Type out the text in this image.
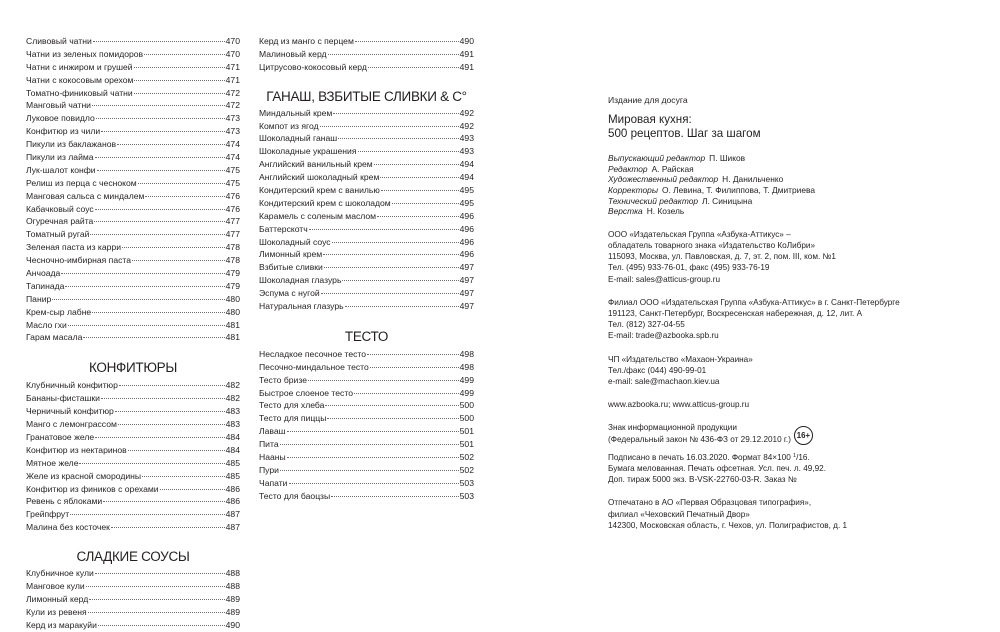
Сливовый чатни	470
Чатни из зеленых помидоров	470
Чатни с инжиром и грушей	471
Чатни с кокосовым орехом	471
Томатно-финиковый чатни	472
Манговый чатни	472
Луковое повидло	473
Конфитюр из чили	473
Пикули из баклажанов	474
Пикули из лайма	474
Лук-шалот конфи	475
Релиш из перца с чесноком	475
Манговая сальса с миндалем	476
Кабачковый соус	476
Огуречная райта	477
Томатный ругай	477
Зеленая паста из карри	478
Чесночно-имбирная паста	478
Анчоада	479
Тапинада	479
Панир	480
Крем-сыр лабне	480
Масло гхи	481
Гарам масала	481
КОНФИТЮРЫ
Клубничный конфитюр	482
Бананы-фисташки	482
Черничный конфитюр	483
Манго с лемонграссом	483
Гранатовое желе	484
Конфитюр из нектаринов	484
Мятное желе	485
Желе из красной смородины	485
Конфитюр из фиников с орехами	486
Ревень с яблоками	486
Грейпфрут	487
Малина без косточек	487
СЛАДКИЕ СОУСЫ
Клубничное кули	488
Манговое кули	488
Лимонный керд	489
Кули из ревеня	489
Керд из маракуйи	490
Керд из манго с перцем	490
Малиновый керд	491
Цитрусово-кокосовый керд	491
ГАНАШ, ВЗБИТЫЕ СЛИВКИ & C°
Миндальный крем	492
Компот из ягод	492
Шоколадный ганаш	493
Шоколадные украшения	493
Английский ванильный крем	494
Английский шоколадный крем	494
Кондитерский крем с ванилью	495
Кондитерский крем с шоколадом	495
Карамель с соленым маслом	496
Баттерскотч	496
Шоколадный соус	496
Лимонный крем	496
Взбитые сливки	497
Шоколадная глазурь	497
Эспума с нугой	497
Натуральная глазурь	497
ТЕСТО
Несладкое песочное тесто	498
Песочно-миндальное тесто	498
Тесто бризе	499
Быстрое слоеное тесто	499
Тесто для хлеба	500
Тесто для пиццы	500
Лаваш	501
Пита	501
Нааны	502
Пури	502
Чапати	503
Тесто для баоцзы	503
Издание для досуга
Мировая кухня:
500 рецептов. Шаг за шагом
Выпускающий редактор П. Шиков
Редактор А. Райская
Художественный редактор Н. Данильченко
Корректоры О. Левина, Т. Филиппова, Т. Дмитриева
Технический редактор Л. Синицына
Верстка Н. Козель
ООО «Издательская Группа «Азбука-Аттикус» –
обладатель товарного знака «Издательство КоЛибри»
115093, Москва, ул. Павловская, д. 7, эт. 2, пом. III, ком. №1
Тел. (495) 933-76-01, факс (495) 933-76-19
E-mail: sales@atticus-group.ru
Филиал ООО «Издательская Группа «Азбука-Аттикус» в г. Санкт-Петербурге
191123, Санкт-Петербург, Воскресенская набережная, д. 12, лит. А
Тел. (812) 327-04-55
E-mail: trade@azbooka.spb.ru
ЧП «Издательство «Махаон-Украина»
Тел./факс (044) 490-99-01
e-mail: sale@machaon.kiev.ua
www.azbooka.ru; www.atticus-group.ru
Знак информационной продукции
(Федеральный закон № 436-ФЗ от 29.12.2010 г.) 16+
Подписано в печать 16.03.2020. Формат 84×100 $^1$/16.
Бумага мелованная. Печать офсетная. Усл. печ. л. 49,92.
Доп. тираж 5000 экз. B-VSK-22760-03-R. Заказ №
Отпечатано в АО «Первая Образцовая типография»,
филиал «Чеховский Печатный Двор»
142300, Московская область, г. Чехов, ул. Полиграфистов, д. 1
